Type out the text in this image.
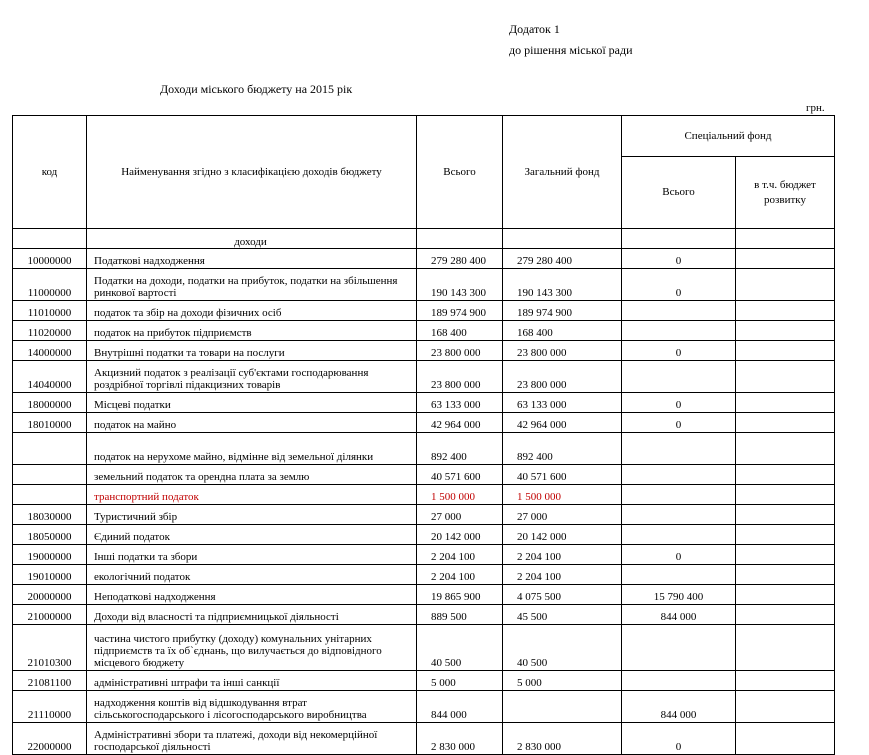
Додаток 1
до рішення міської ради
Доходи міського бюджету на 2015 рік
грн.
код	Найменування згідно з класифікацією доходів бюджету	Всього	Загальний фонд	Спеціальний фонд	
				Всього	в т.ч. бюджет розвитку
	доходи				
10000000	Податкові надходження	279 280 400	279 280 400	0	
11000000	Податки на доходи, податки на прибуток, податки на збільшення ринкової вартості	190 143 300	190 143 300	0	
11010000	податок та збір на доходи фізичних осіб	189 974 900	189 974 900		
11020000	податок на прибуток підприємств	168 400	168 400		
14000000	Внутрішні податки та товари на послуги	23 800 000	23 800 000	0	
14040000	Акцизний податок з реалізації суб'єктами господарювання роздрібної торгівлі підакцизних товарів	23 800 000	23 800 000		
18000000	Місцеві податки	63 133 000	63 133 000	0	
18010000	податок на майно	42 964 000	42 964 000	0	
	податок на нерухоме майно, відмінне від земельної ділянки	892 400	892 400		
	земельний податок та орендна плата за землю	40 571 600	40 571 600		
	транспортний податок	1 500 000	1 500 000		
18030000	Туристичний збір	27 000	27 000		
18050000	Єдиний податок	20 142 000	20 142 000		
19000000	Інші податки та збори	2 204 100	2 204 100	0	
19010000	екологічний податок	2 204 100	2 204 100		
20000000	Неподаткові надходження	19 865 900	4 075 500	15 790 400	
21000000	Доходи від власності та підприємницької діяльності	889 500	45 500	844 000	
21010300	частина чистого прибутку (доходу) комунальних унітарних підприємств та їх об`єднань, що вилучається до відповідного місцевого бюджету	40 500	40 500		
21081100	адміністративні штрафи та інші санкції	5 000	5 000		
21110000	надходження коштів від відшкодування втрат сільськогосподарського і лісогосподарського виробництва	844 000		844 000	
22000000	Адміністративні збори та платежі, доходи від некомерційної господарської діяльності	2 830 000	2 830 000	0	
